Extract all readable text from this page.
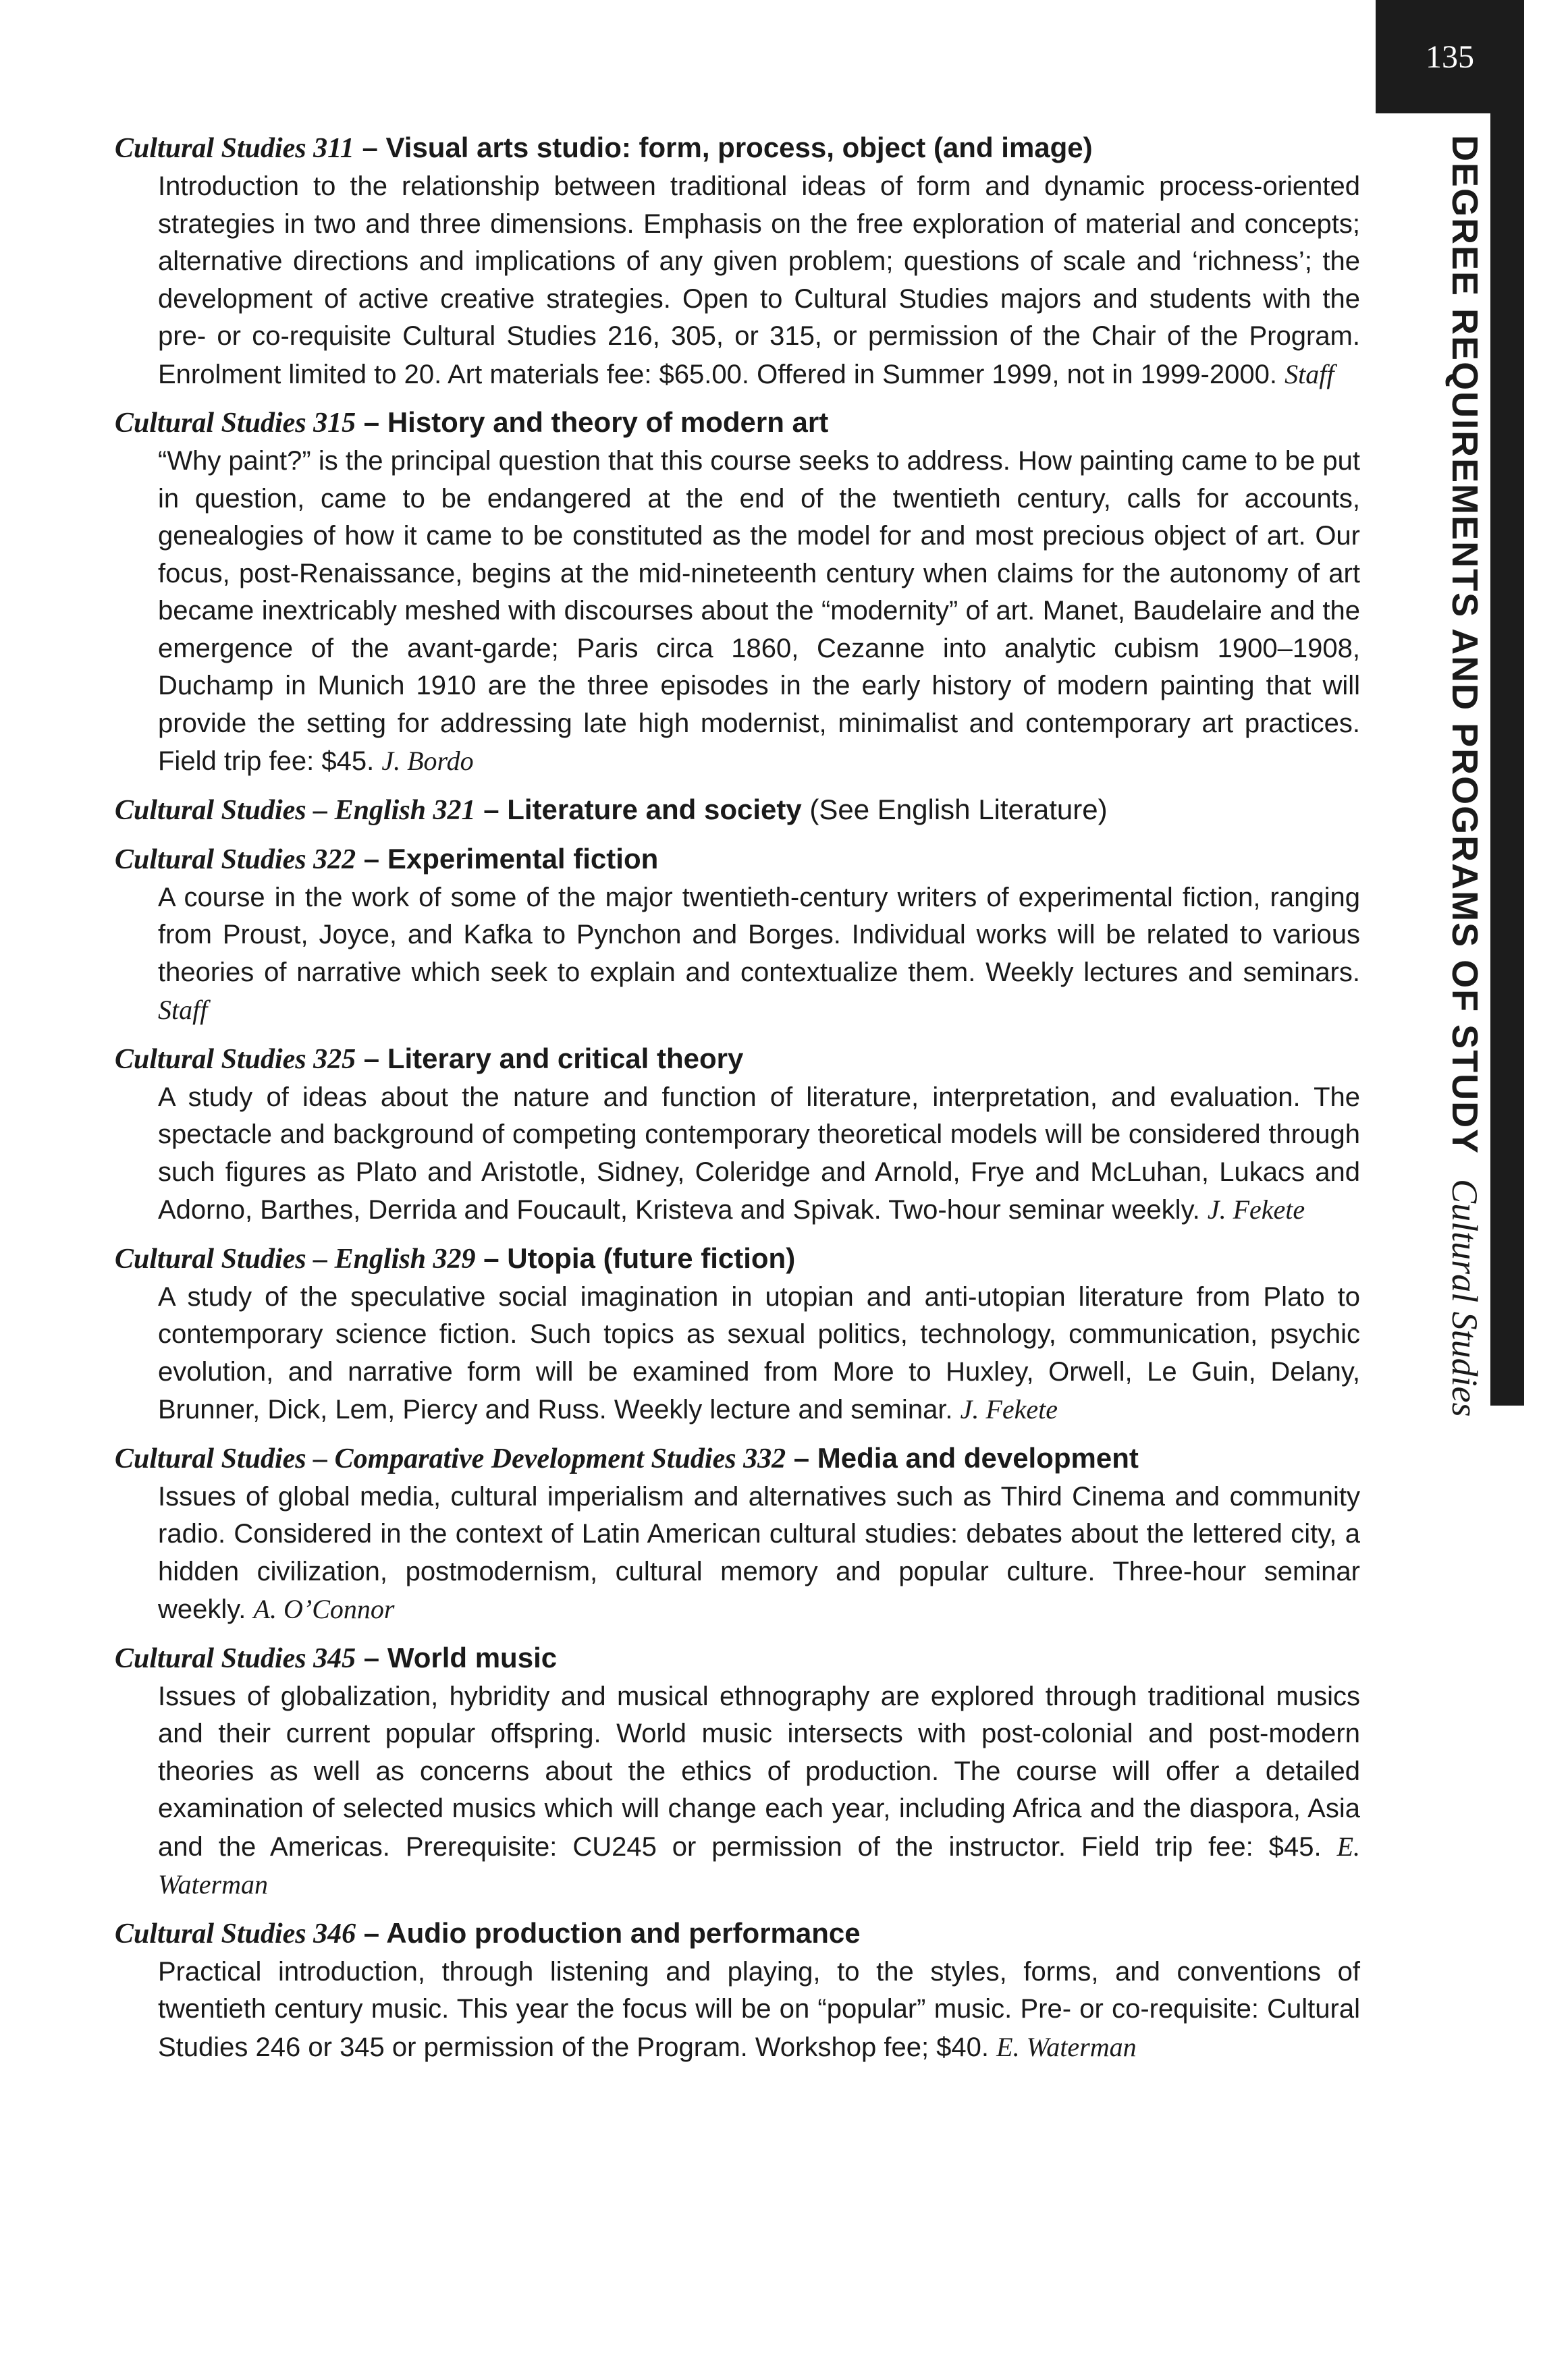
135
DEGREE REQUIREMENTS AND PROGRAMS OF STUDYCultural Studies

Cultural Studies 311 – Visual arts studio: form, process, object (and image)

Introduction to the relationship between traditional ideas of form and dynamic process-oriented strategies in two and three dimensions. Emphasis on the free exploration of material and concepts; alternative directions and implications of any given problem; questions of scale and ‘richness’; the development of active creative strategies. Open to Cultural Studies majors and students with the pre- or co-requisite Cultural Studies 216, 305, or 315, or permission of the Chair of the Program. Enrolment limited to 20. Art materials fee: $65.00. Offered in Summer 1999, not in 1999-2000. Staff

Cultural Studies 315 – History and theory of modern art

“Why paint?” is the principal question that this course seeks to address. How painting came to be put in question, came to be endangered at the end of the twentieth century, calls for accounts, genealogies of how it came to be constituted as the model for and most precious object of art. Our focus, post-Renaissance, begins at the mid-nineteenth century when claims for the autonomy of art became inextricably meshed with discourses about the “modernity” of art. Manet, Baudelaire and the emergence of the avant-garde; Paris circa 1860, Cezanne into analytic cubism 1900–1908, Duchamp in Munich 1910 are the three episodes in the early history of modern painting that will provide the setting for addressing late high modernist, minimalist and contemporary art practices. Field trip fee: $45. J. Bordo

Cultural Studies – English 321 – Literature and society (See English Literature)

Cultural Studies 322 – Experimental fiction

A course in the work of some of the major twentieth-century writers of experimental fiction, ranging from Proust, Joyce, and Kafka to Pynchon and Borges. Individual works will be related to various theories of narrative which seek to explain and contextualize them. Weekly lectures and seminars. Staff

Cultural Studies 325 – Literary and critical theory

A study of ideas about the nature and function of literature, interpretation, and evaluation. The spectacle and background of competing contemporary theoretical models will be considered through such figures as Plato and Aristotle, Sidney, Coleridge and Arnold, Frye and McLuhan, Lukacs and Adorno, Barthes, Derrida and Foucault, Kristeva and Spivak. Two-hour seminar weekly. J. Fekete

Cultural Studies – English 329 – Utopia (future fiction)

A study of the speculative social imagination in utopian and anti-utopian literature from Plato to contemporary science fiction. Such topics as sexual politics, technology, communication, psychic evolution, and narrative form will be examined from More to Huxley, Orwell, Le Guin, Delany, Brunner, Dick, Lem, Piercy and Russ. Weekly lecture and seminar. J. Fekete

Cultural Studies – Comparative Development Studies 332 – Media and development

Issues of global media, cultural imperialism and alternatives such as Third Cinema and community radio. Considered in the context of Latin American cultural studies: debates about the lettered city, a hidden civilization, postmodernism, cultural memory and popular culture. Three-hour seminar weekly. A. O’Connor

Cultural Studies 345 – World music

Issues of globalization, hybridity and musical ethnography are explored through traditional musics and their current popular offspring. World music intersects with post-colonial and post-modern theories as well as concerns about the ethics of production. The course will offer a detailed examination of selected musics which will change each year, including Africa and the diaspora, Asia and the Americas. Prerequisite: CU245 or permission of the instructor. Field trip fee: $45. E. Waterman

Cultural Studies 346 – Audio production and performance

Practical introduction, through listening and playing, to the styles, forms, and conventions of twentieth century music. This year the focus will be on “popular” music. Pre- or co-requisite: Cultural Studies 246 or 345 or permission of the Program. Workshop fee; $40. E. Waterman
